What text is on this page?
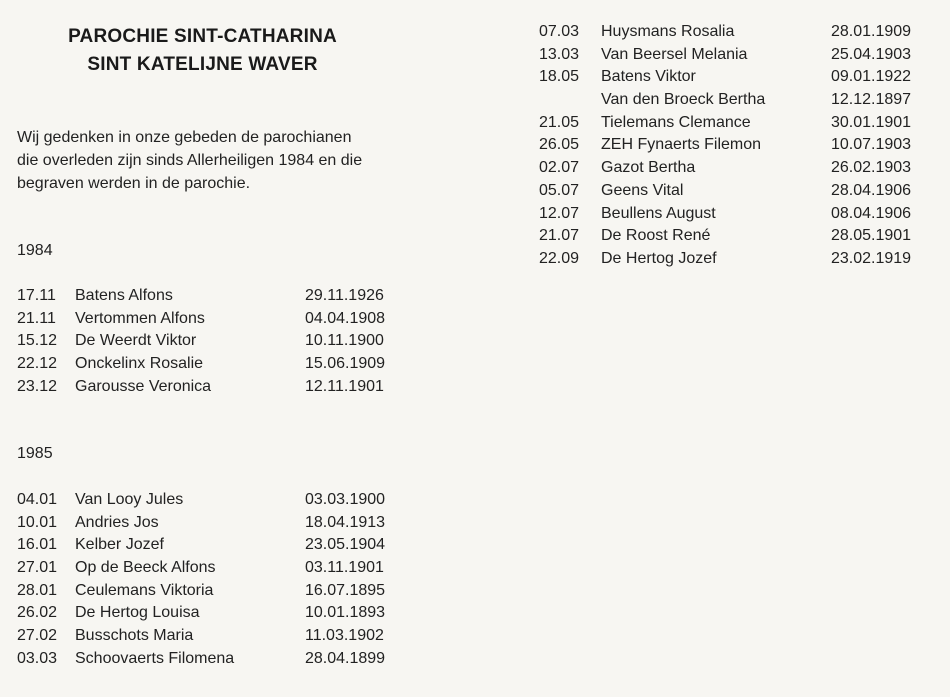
PAROCHIE SINT-CATHARINA
SINT KATELIJNE WAVER
Wij gedenken in onze gebeden de parochianen
die overleden zijn sinds Allerheiligen 1984 en die
begraven werden in de parochie.
1984
17.11 Batens Alfons	29.11.1926
21.11 Vertommen Alfons	04.04.1908
15.12 De Weerdt Viktor	10.11.1900
22.12 Onckelinx Rosalie	15.06.1909
23.12 Garousse Veronica	12.11.1901
1985
04.01 Van Looy Jules	03.03.1900
10.01 Andries Jos	18.04.1913
16.01 Kelber Jozef	23.05.1904
27.01 Op de Beeck Alfons	03.11.1901
28.01 Ceulemans Viktoria	16.07.1895
26.02 De Hertog Louisa	10.01.1893
27.02 Busschots Maria	11.03.1902
03.03 Schoovaerts Filomena	28.04.1899
07.03 Huysmans Rosalia	28.01.1909
13.03 Van Beersel Melania	25.04.1903
18.05 Batens Viktor	09.01.1922
Van den Broeck Bertha	12.12.1897
21.05 Tielemans Clemance	30.01.1901
26.05 ZEH Fynaerts Filemon	10.07.1903
02.07 Gazot Bertha	26.02.1903
05.07 Geens Vital	28.04.1906
12.07 Beullens August	08.04.1906
21.07 De Roost René	28.05.1901
22.09 De Hertog Jozef	23.02.1919
